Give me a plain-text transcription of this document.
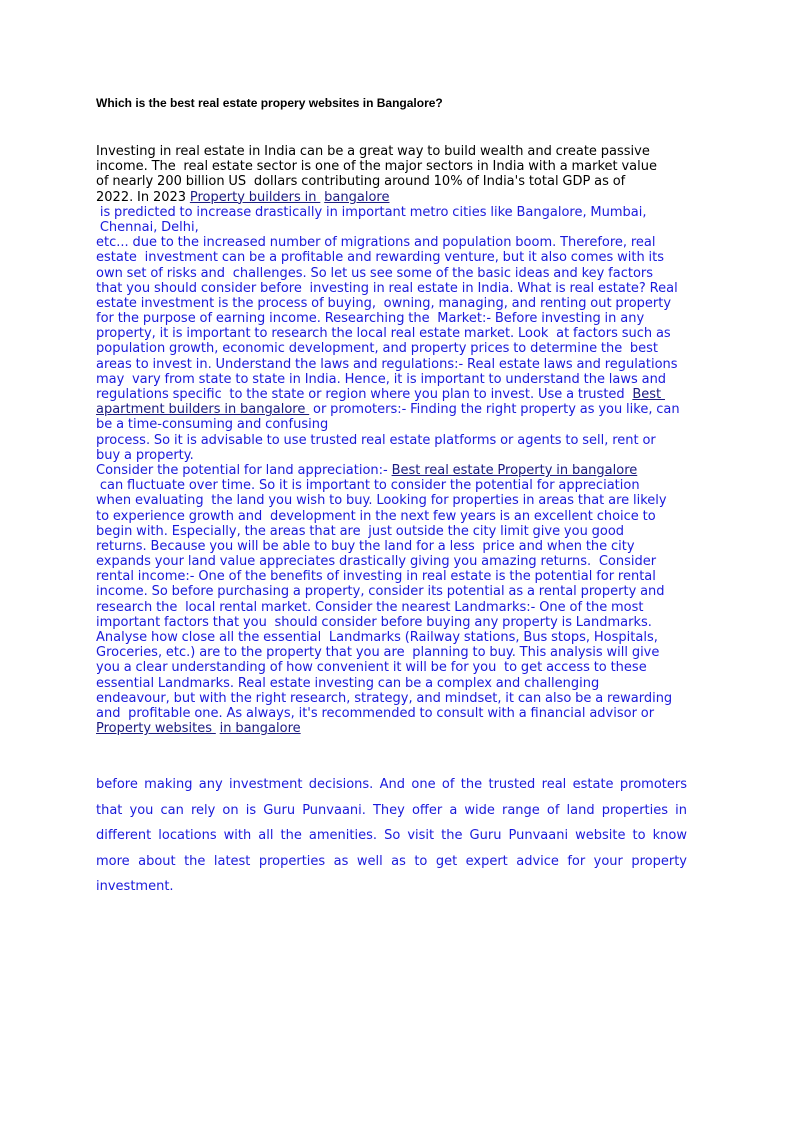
Which is the best real estate propery websites in Bangalore?
Investing in real estate in India can be a great way to build wealth and create passive
income. The  real estate sector is one of the major sectors in India with a market value
of nearly 200 billion US  dollars contributing around 10% of India's total GDP as of
2022. In 2023 Property builders in  bangalore
is predicted to increase drastically in important metro cities like Bangalore, Mumbai,
Chennai, Delhi,
etc... due to the increased number of migrations and population boom. Therefore, real
estate  investment can be a profitable and rewarding venture, but it also comes with its
own set of risks and  challenges. So let us see some of the basic ideas and key factors
that you should consider before  investing in real estate in India. What is real estate? Real
estate investment is the process of buying,  owning, managing, and renting out property
for the purpose of earning income. Researching the  Market:- Before investing in any
property, it is important to research the local real estate market. Look  at factors such as
population growth, economic development, and property prices to determine the  best
areas to invest in. Understand the laws and regulations:- Real estate laws and regulations
may  vary from state to state in India. Hence, it is important to understand the laws and
regulations specific  to the state or region where you plan to invest. Use a trusted  Best
apartment builders in bangalore  or promoters:- Finding the right property as you like, can
be a time-consuming and confusing
process. So it is advisable to use trusted real estate platforms or agents to sell, rent or
buy a property.
Consider the potential for land appreciation:- Best real estate Property in bangalore
can fluctuate over time. So it is important to consider the potential for appreciation
when evaluating  the land you wish to buy. Looking for properties in areas that are likely
to experience growth and  development in the next few years is an excellent choice to
begin with. Especially, the areas that are  just outside the city limit give you good
returns. Because you will be able to buy the land for a less  price and when the city
expands your land value appreciates drastically giving you amazing returns.  Consider
rental income:- One of the benefits of investing in real estate is the potential for rental
income. So before purchasing a property, consider its potential as a rental property and
research the  local rental market. Consider the nearest Landmarks:- One of the most
important factors that you  should consider before buying any property is Landmarks.
Analyse how close all the essential  Landmarks (Railway stations, Bus stops, Hospitals,
Groceries, etc.) are to the property that you are  planning to buy. This analysis will give
you a clear understanding of how convenient it will be for you  to get access to these
essential Landmarks. Real estate investing can be a complex and challenging
endeavour, but with the right research, strategy, and mindset, it can also be a rewarding
and  profitable one. As always, it's recommended to consult with a financial advisor or
Property websites  in bangalore

before making any investment decisions. And one of the trusted real estate promoters that you can rely on is Guru Punvaani. They offer a wide range of land properties in different locations with all the amenities. So visit the Guru Punvaani website to know more about the latest properties as well as to get expert advice for your property investment.
